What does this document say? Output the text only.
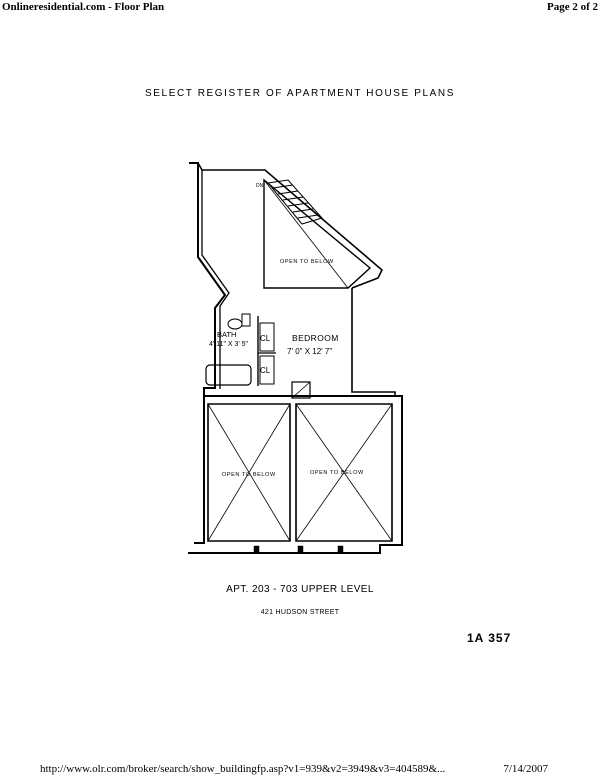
Onlineresidential.com - Floor Plan	Page 2 of 2
SELECT REGISTER OF APARTMENT HOUSE PLANS
OPEN TO BELOW
OPEN TO BELOW	OPEN TO BELOW
BEDROOM
7' 0" X 12' 7"
BATH
4' 11" X 3' 5"
CL
CL
DN
APT. 203 - 703 UPPER LEVEL
421 HUDSON STREET
1A 357
http://www.olr.com/broker/search/show_buildingfp.asp?v1=939&v2=3949&v3=404589&...	7/14/2007
